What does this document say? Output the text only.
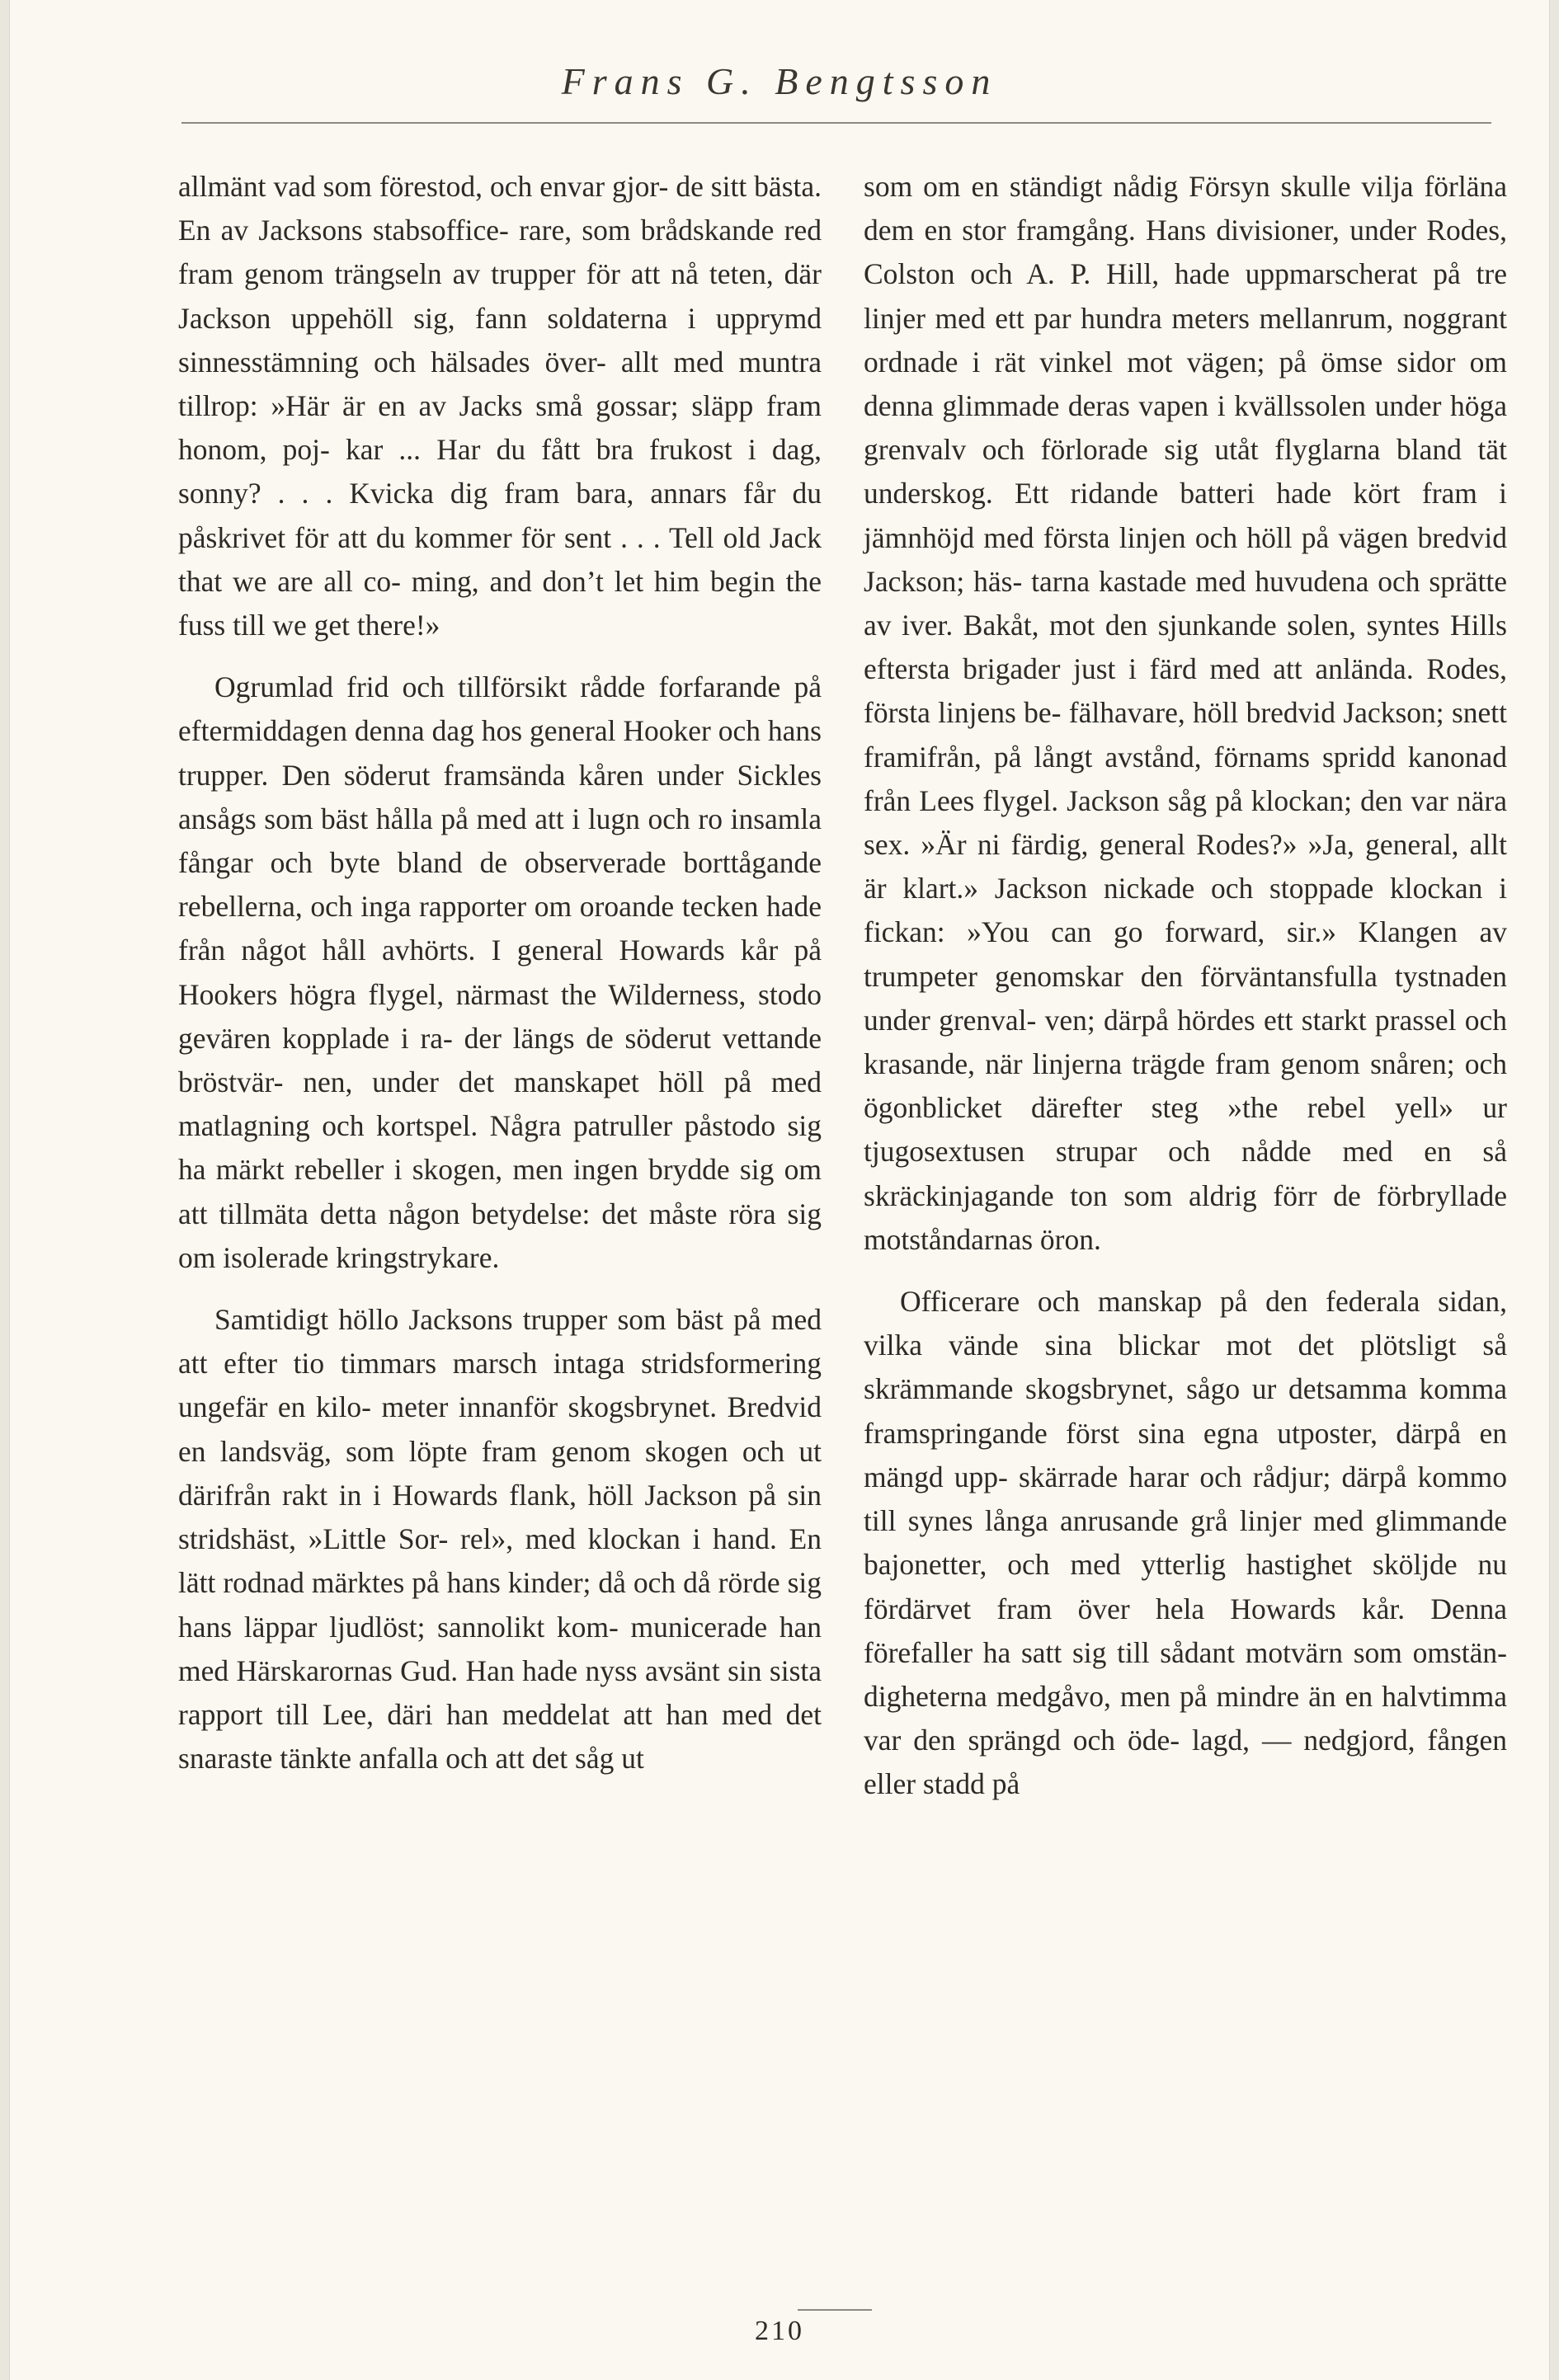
Frans G. Bengtsson

allmänt vad som förestod, och envar gjor- de sitt bästa. En av Jacksons stabsoffice- rare, som brådskande red fram genom trängseln av trupper för att nå teten, där Jackson uppehöll sig, fann soldaterna i upprymd sinnesstämning och hälsades över- allt med muntra tillrop: »Här är en av Jacks små gossar; släpp fram honom, poj- kar ... Har du fått bra frukost i dag, sonny? . . . Kvicka dig fram bara, annars får du påskrivet för att du kommer för sent . . . Tell old Jack that we are all co- ming, and don’t let him begin the fuss till we get there!»

Ogrumlad frid och tillförsikt rådde forfarande på eftermiddagen denna dag hos general Hooker och hans trupper. Den söderut framsända kåren under Sickles ansågs som bäst hålla på med att i lugn och ro insamla fångar och byte bland de observerade borttågande rebellerna, och inga rapporter om oroande tecken hade från något håll avhörts. I general Howards kår på Hookers högra flygel, närmast the Wilderness, stodo gevären kopplade i ra- der längs de söderut vettande bröstvär- nen, under det manskapet höll på med matlagning och kortspel. Några patruller påstodo sig ha märkt rebeller i skogen, men ingen brydde sig om att tillmäta detta någon betydelse: det måste röra sig om isolerade kringstrykare.

Samtidigt höllo Jacksons trupper som bäst på med att efter tio timmars marsch intaga stridsformering ungefär en kilo- meter innanför skogsbrynet. Bredvid en landsväg, som löpte fram genom skogen och ut därifrån rakt in i Howards flank, höll Jackson på sin stridshäst, »Little Sor- rel», med klockan i hand. En lätt rodnad märktes på hans kinder; då och då rörde sig hans läppar ljudlöst; sannolikt kom- municerade han med Härskarornas Gud. Han hade nyss avsänt sin sista rapport till Lee, däri han meddelat att han med det snaraste tänkte anfalla och att det såg ut

som om en ständigt nådig Försyn skulle vilja förläna dem en stor framgång. Hans divisioner, under Rodes, Colston och A. P. Hill, hade uppmarscherat på tre linjer med ett par hundra meters mellanrum, noggrant ordnade i rät vinkel mot vägen; på ömse sidor om denna glimmade deras vapen i kvällssolen under höga grenvalv och förlorade sig utåt flyglarna bland tät underskog. Ett ridande batteri hade kört fram i jämnhöjd med första linjen och höll på vägen bredvid Jackson; häs- tarna kastade med huvudena och sprätte av iver. Bakåt, mot den sjunkande solen, syntes Hills eftersta brigader just i färd med att anlända. Rodes, första linjens be- fälhavare, höll bredvid Jackson; snett framifrån, på långt avstånd, förnams spridd kanonad från Lees flygel. Jackson såg på klockan; den var nära sex. »Är ni färdig, general Rodes?» »Ja, general, allt är klart.» Jackson nickade och stoppade klockan i fickan: »You can go forward, sir.» Klangen av trumpeter genomskar den förväntansfulla tystnaden under grenval- ven; därpå hördes ett starkt prassel och krasande, när linjerna trägde fram genom snåren; och ögonblicket därefter steg »the rebel yell» ur tjugosextusen strupar och nådde med en så skräckinjagande ton som aldrig förr de förbryllade motståndarnas öron.

Officerare och manskap på den federala sidan, vilka vände sina blickar mot det plötsligt så skrämmande skogsbrynet, sågo ur detsamma komma framspringande först sina egna utposter, därpå en mängd upp- skärrade harar och rådjur; därpå kommo till synes långa anrusande grå linjer med glimmande bajonetter, och med ytterlig hastighet sköljde nu fördärvet fram över hela Howards kår. Denna förefaller ha satt sig till sådant motvärn som omstän- digheterna medgåvo, men på mindre än en halvtimma var den sprängd och öde- lagd, — nedgjord, fången eller stadd på

210
